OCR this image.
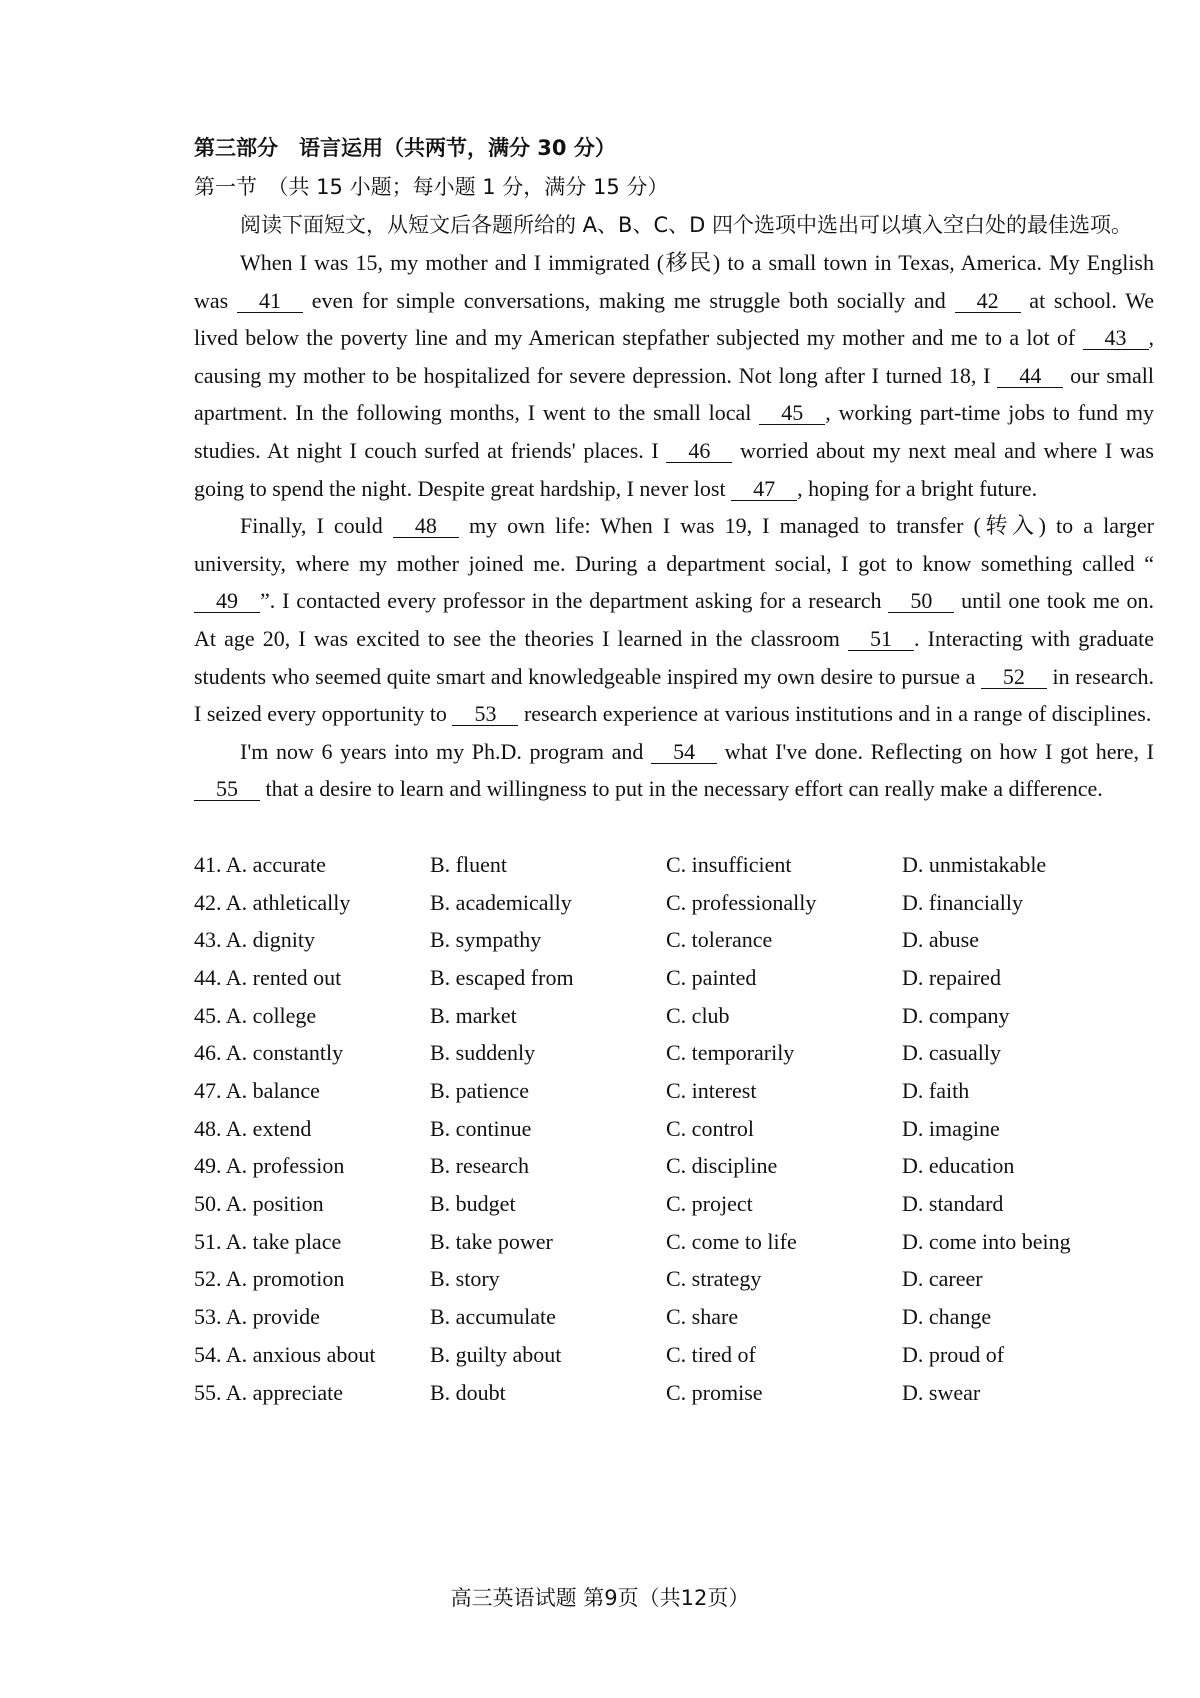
第三部分　语言运用（共两节，满分 30 分）
第一节　（共 15 小题；每小题 1 分，满分 15 分）

阅读下面短文，从短文后各题所给的 A、B、C、D 四个选项中选出可以填入空白处的最佳选项。

When I was 15, my mother and I immigrated (移民) to a small town in Texas, America. My English was 41 even for simple conversations, making me struggle both socially and 42 at school. We lived below the poverty line and my American stepfather subjected my mother and me to a lot of 43 , causing my mother to be hospitalized for severe depression. Not long after I turned 18, I 44 our small apartment. In the following months, I went to the small local 45 , working part-time jobs to fund my studies. At night I couch surfed at friends' places. I 46 worried about my next meal and where I was going to spend the night. Despite great hardship, I never lost 47 , hoping for a bright future.

Finally, I could 48 my own life: When I was 19, I managed to transfer (转入) to a larger university, where my mother joined me. During a department social, I got to know something called “49 ”. I contacted every professor in the department asking for a research 50 until one took me on. At age 20, I was excited to see the theories I learned in the classroom 51 . Interacting with graduate students who seemed quite smart and knowledgeable inspired my own desire to pursue a 52 in research. I seized every opportunity to 53 research experience at various institutions and in a range of disciplines.

I'm now 6 years into my Ph.D. program and 54 what I've done. Reflecting on how I got here, I 55 that a desire to learn and willingness to put in the necessary effort can really make a difference.

41. A. accurate	B. fluent	C. insufficient	D. unmistakable
42. A. athletically	B. academically	C. professionally	D. financially
43. A. dignity	B. sympathy	C. tolerance	D. abuse
44. A. rented out	B. escaped from	C. painted	D. repaired
45. A. college	B. market	C. club	D. company
46. A. constantly	B. suddenly	C. temporarily	D. casually
47. A. balance	B. patience	C. interest	D. faith
48. A. extend	B. continue	C. control	D. imagine
49. A. profession	B. research	C. discipline	D. education
50. A. position	B. budget	C. project	D. standard
51. A. take place	B. take power	C. come to life	D. come into being
52. A. promotion	B. story	C. strategy	D. career
53. A. provide	B. accumulate	C. share	D. change
54. A. anxious about	B. guilty about	C. tired of	D. proud of
55. A. appreciate	B. doubt	C. promise	D. swear
高三英语试题 第9页（共12页）
